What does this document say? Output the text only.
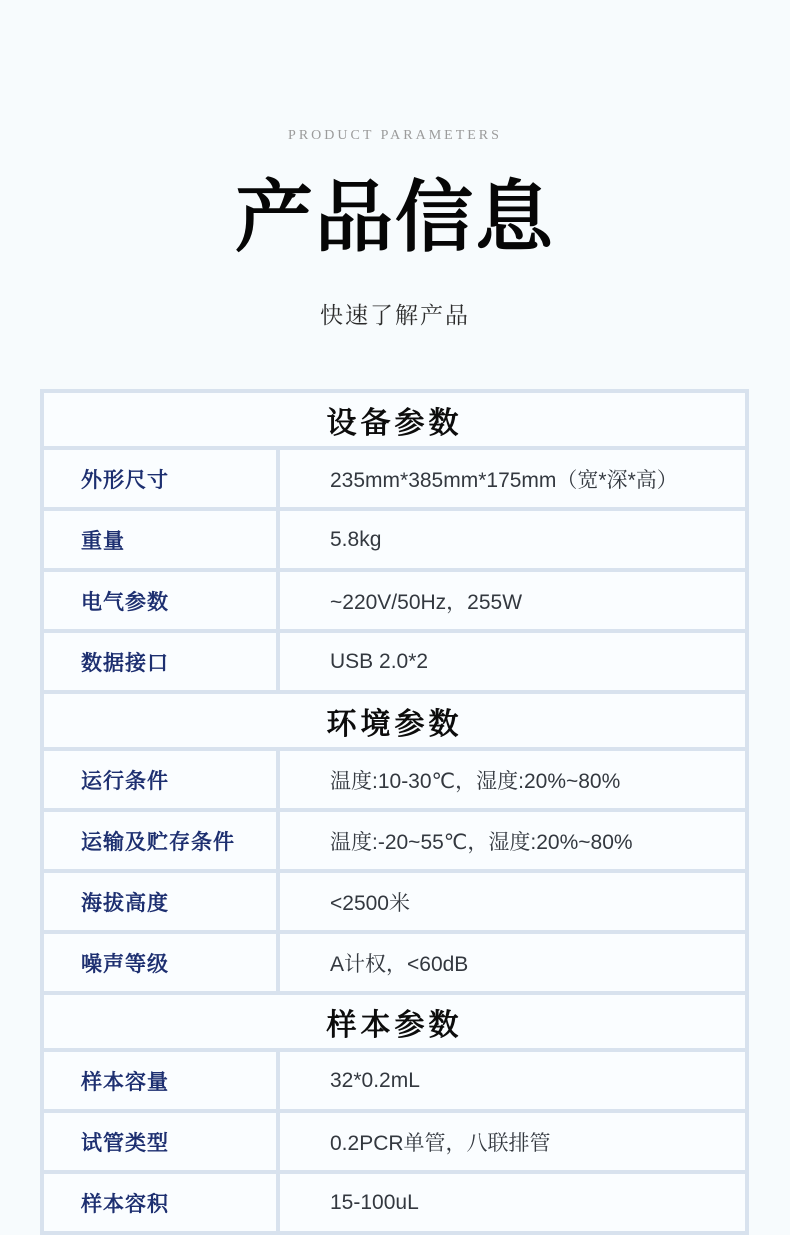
PRODUCT PARAMETERS
产品信息
快速了解产品
设备参数
外形尺寸	235mm*385mm*175mm（宽*深*高）
重量	5.8kg
电气参数	~220V/50Hz，255W
数据接口	USB 2.0*2
环境参数
运行条件	温度:10-30℃，湿度:20%~80%
运输及贮存条件	温度:-20~55℃，湿度:20%~80%
海拔高度	<2500米
噪声等级	A计权，<60dB
样本参数
样本容量	32*0.2mL
试管类型	0.2PCR单管，八联排管
样本容积	15-100uL
